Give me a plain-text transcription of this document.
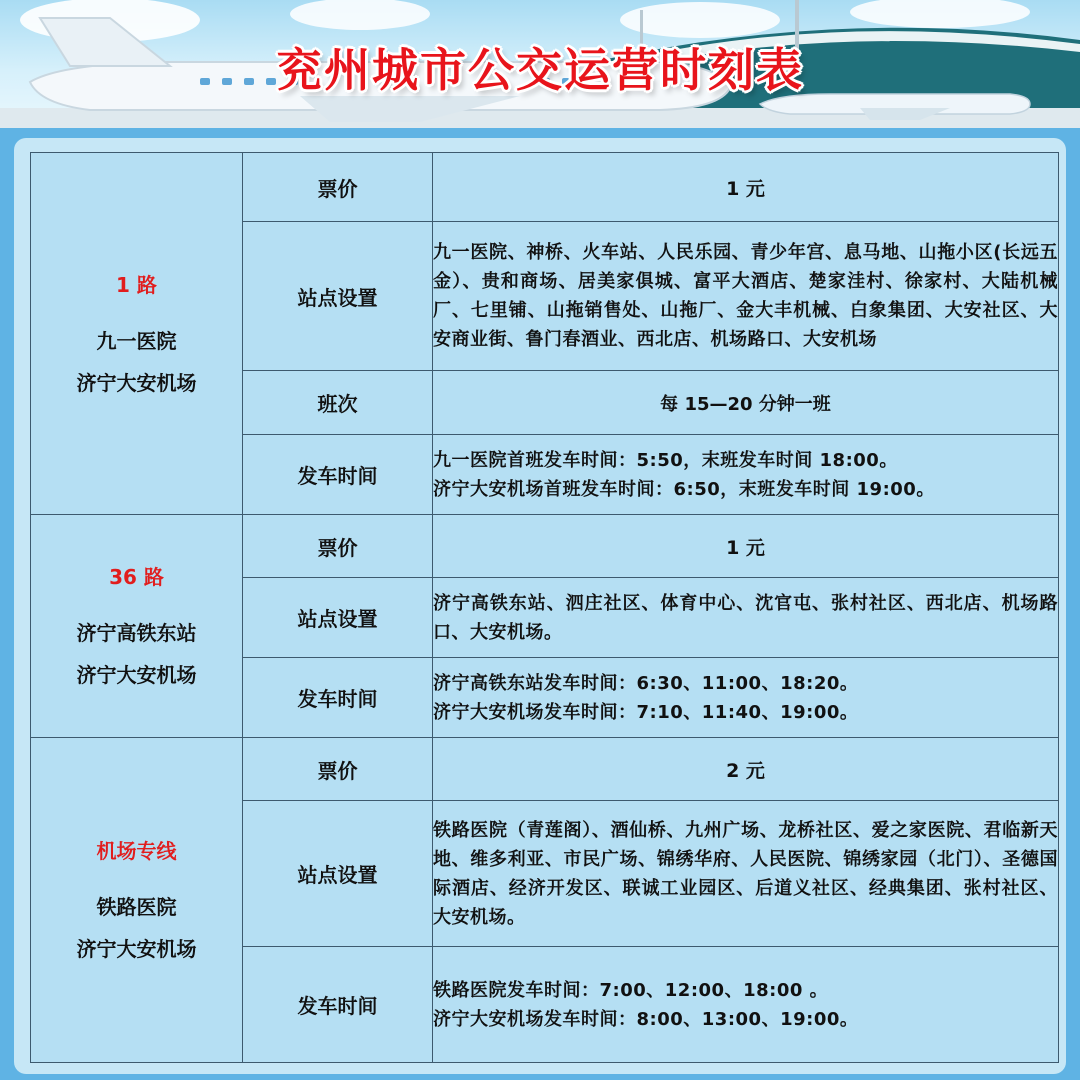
兖州城市公交运营时刻表
1 路
九一医院
济宁大安机场	票价	1 元
	站点设置	九一医院、神桥、火车站、人民乐园、青少年宫、息马地、山拖小区(长远五金）、贵和商场、居美家俱城、富平大酒店、楚家洼村、徐家村、大陆机械厂、七里铺、山拖销售处、山拖厂、金大丰机械、白象集团、大安社区、大安商业街、鲁门春酒业、西北店、机场路口、大安机场
	班次	每 15—20 分钟一班
	发车时间	九一医院首班发车时间：5:50，末班发车时间 18:00。
济宁大安机场首班发车时间：6:50，末班发车时间 19:00。

36 路
济宁高铁东站
济宁大安机场	票价	1 元
	站点设置	济宁高铁东站、泗庄社区、体育中心、沈官屯、张村社区、西北店、机场路口、大安机场。
	发车时间	济宁高铁东站发车时间：6:30、11:00、18:20。
济宁大安机场发车时间：7:10、11:40、19:00。

机场专线
铁路医院
济宁大安机场	票价	2 元
	站点设置	铁路医院（青莲阁）、酒仙桥、九州广场、龙桥社区、爱之家医院、君临新天地、维多利亚、市民广场、锦绣华府、人民医院、锦绣家园（北门）、圣德国际酒店、经济开发区、联诚工业园区、后道义社区、经典集团、张村社区、大安机场。
	发车时间	铁路医院发车时间：7:00、12:00、18:00 。
济宁大安机场发车时间：8:00、13:00、19:00。
